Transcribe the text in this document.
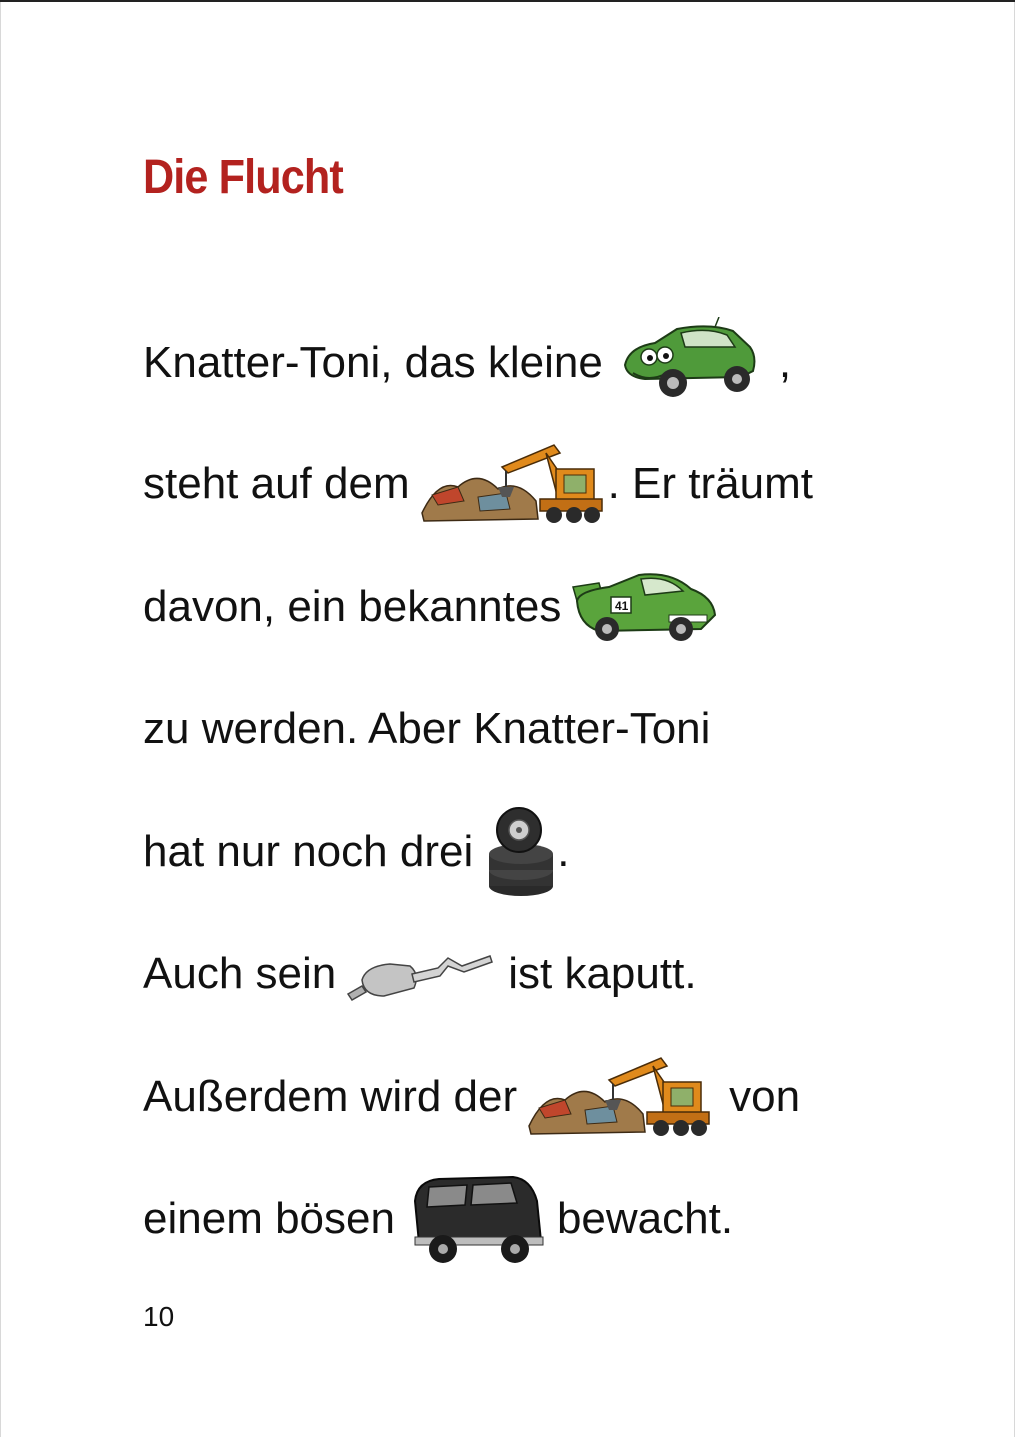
Die Flucht
Knatter-Toni, das kleine	,
steht auf dem	. Er träumt
davon, ein bekanntes	41
zu werden. Aber Knatter-Toni
hat nur noch drei .
Auch sein	ist kaputt.
Außerdem wird der	von
einem bösen	bewacht.
10
